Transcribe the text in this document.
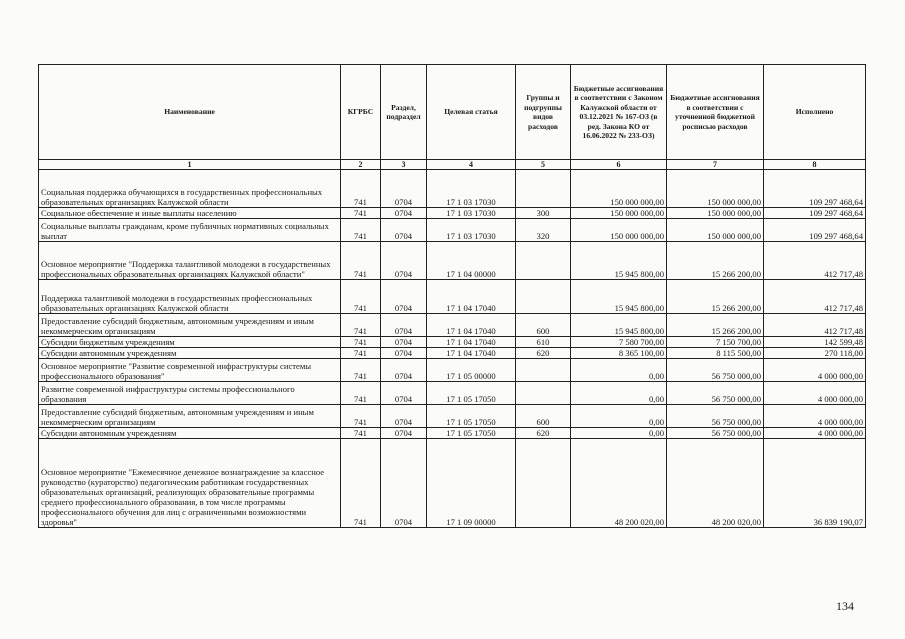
Наименование	КГРБС	Раздел, подраздел	Целевая статья	Группы и подгруппы видов расходов	Бюджетные ассигнования в соответствии с Законом Калужской области от 03.12.2021 № 167-ОЗ (в ред. Закона КО от 16.06.2022 № 233-ОЗ)	Бюджетные ассигнования в соответствии с уточненной бюджетной росписью расходов	Исполнено
1	2	3	4	5	6	7	8
Социальная поддержка обучающихся в государственных профессиональных образовательных организациях Калужской области	741	0704	17 1 03 17030		150 000 000,00	150 000 000,00	109 297 468,64
Социальное обеспечение и иные выплаты населению	741	0704	17 1 03 17030	300	150 000 000,00	150 000 000,00	109 297 468,64
Социальные выплаты гражданам, кроме публичных нормативных социальных выплат	741	0704	17 1 03 17030	320	150 000 000,00	150 000 000,00	109 297 468,64
Основное мероприятие "Поддержка талантливой молодежи в государственных профессиональных образовательных организациях Калужской области"	741	0704	17 1 04 00000		15 945 800,00	15 266 200,00	412 717,48
Поддержка талантливой молодежи в государственных профессиональных образовательных организациях Калужской области	741	0704	17 1 04 17040		15 945 800,00	15 266 200,00	412 717,48
Предоставление субсидий бюджетным, автономным учреждениям и иным некоммерческим организациям	741	0704	17 1 04 17040	600	15 945 800,00	15 266 200,00	412 717,48
Субсидии бюджетным учреждениям	741	0704	17 1 04 17040	610	7 580 700,00	7 150 700,00	142 599,48
Субсидии автономным учреждениям	741	0704	17 1 04 17040	620	8 365 100,00	8 115 500,00	270 118,00
Основное мероприятие "Развитие современной инфраструктуры системы профессионального образования"	741	0704	17 1 05 00000		0,00	56 750 000,00	4 000 000,00
Развитие современной инфраструктуры системы профессионального образования	741	0704	17 1 05 17050		0,00	56 750 000,00	4 000 000,00
Предоставление субсидий бюджетным, автономным учреждениям и иным некоммерческим организациям	741	0704	17 1 05 17050	600	0,00	56 750 000,00	4 000 000,00
Субсидии автономным учреждениям	741	0704	17 1 05 17050	620	0,00	56 750 000,00	4 000 000,00
Основное мероприятие "Ежемесячное денежное вознаграждение за классное руководство (кураторство) педагогическим работникам государственных образовательных организаций, реализующих образовательные программы среднего профессионального образования, в том числе программы профессионального обучения для лиц с ограниченными возможностями здоровья"	741	0704	17 1 09 00000		48 200 020,00	48 200 020,00	36 839 190,07
134
